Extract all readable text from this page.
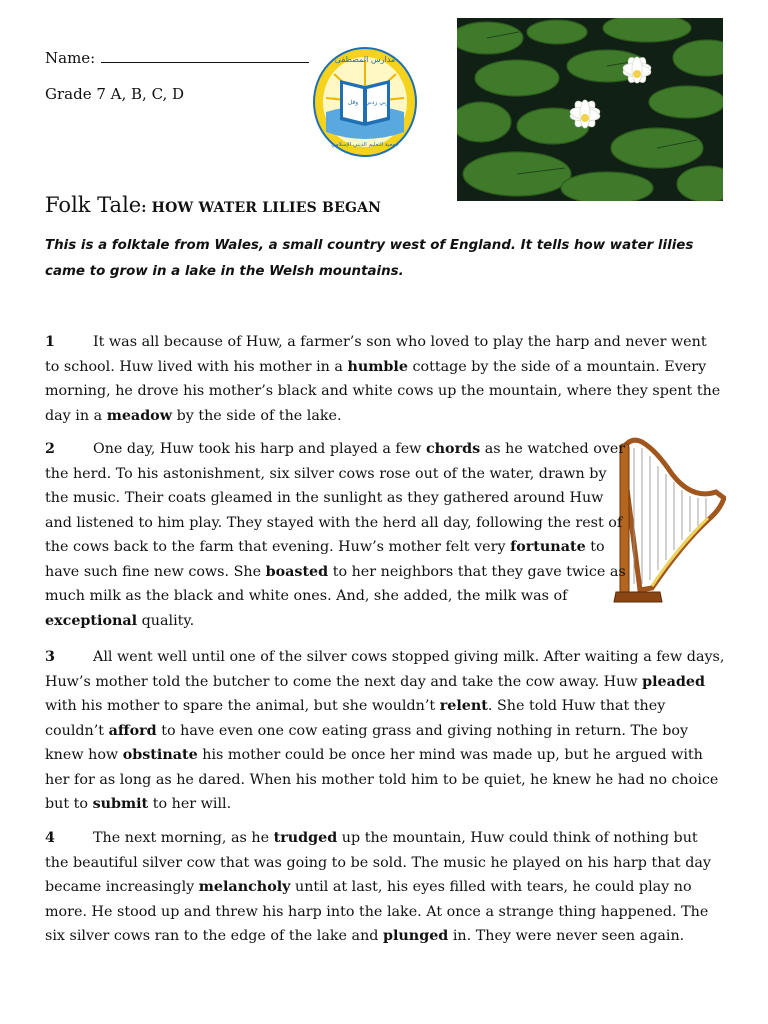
Name:
Grade 7 A, B, C, D	وقل ربي زدني
مدارس المصطفى
جمعية التعليم الديني الإسلامي
Folk Tale: HOW WATER LILIES BEGAN
This is a folktale from Wales, a small country west of England. It tells how water lilies came to grow in a lake in the Welsh mountains.
1	It was all because of Huw, a farmer’s son who loved to play the harp and never went to school. Huw lived with his mother in a humble cottage by the side of a mountain. Every morning, he drove his mother’s black and white cows up the mountain, where they spent the day in a meadow by the side of the lake.
2	One day, Huw took his harp and played a few chords as he watched over the herd. To his astonishment, six silver cows rose out of the water, drawn by the music. Their coats gleamed in the sunlight as they gathered around Huw and listened to him play. They stayed with the herd all day, following the rest of the cows back to the farm that evening. Huw’s mother felt very fortunate to have such fine new cows. She boasted to her neighbors that they gave twice as much milk as the black and white ones. And, she added, the milk was of exceptional quality.
3	All went well until one of the silver cows stopped giving milk. After waiting a few days, Huw’s mother told the butcher to come the next day and take the cow away. Huw pleaded with his mother to spare the animal, but she wouldn’t relent. She told Huw that they couldn’t afford to have even one cow eating grass and giving nothing in return. The boy knew how obstinate his mother could be once her mind was made up, but he argued with her for as long as he dared. When his mother told him to be quiet, he knew he had no choice but to submit to her will.
4	The next morning, as he trudged up the mountain, Huw could think of nothing but the beautiful silver cow that was going to be sold. The music he played on his harp that day became increasingly melancholy until at last, his eyes filled with tears, he could play no more. He stood up and threw his harp into the lake. At once a strange thing happened. The six silver cows ran to the edge of the lake and plunged in. They were never seen again.
